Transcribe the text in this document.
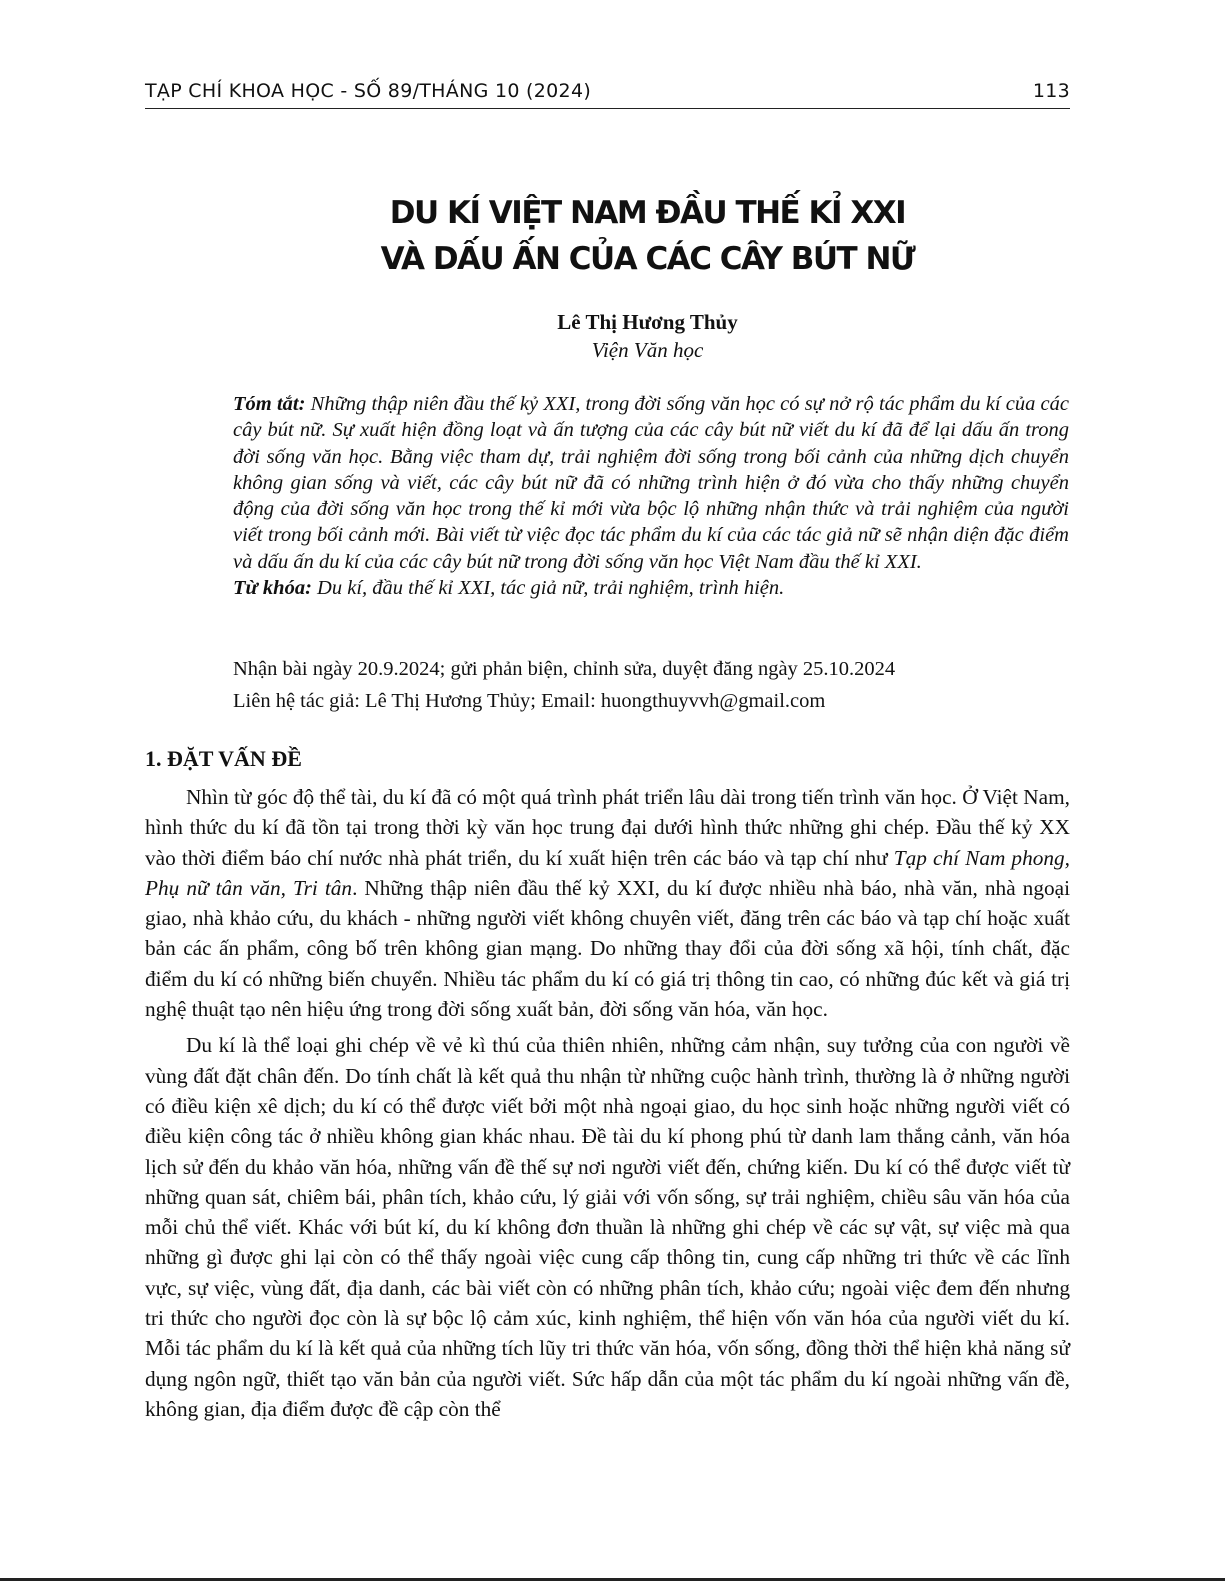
TẠP CHÍ KHOA HỌC - SỐ 89/THÁNG 10 (2024)	113
DU KÍ VIỆT NAM ĐẦU THẾ KỈ XXI
VÀ DẤU ẤN CỦA CÁC CÂY BÚT NỮ
Lê Thị Hương Thủy
Viện Văn học

Tóm tắt: Những thập niên đầu thế kỷ XXI, trong đời sống văn học có sự nở rộ tác phẩm du kí của các cây bút nữ. Sự xuất hiện đồng loạt và ấn tượng của các cây bút nữ viết du kí đã để lại dấu ấn trong đời sống văn học. Bằng việc tham dự, trải nghiệm đời sống trong bối cảnh của những dịch chuyển không gian sống và viết, các cây bút nữ đã có những trình hiện ở đó vừa cho thấy những chuyển động của đời sống văn học trong thế kỉ mới vừa bộc lộ những nhận thức và trải nghiệm của người viết trong bối cảnh mới. Bài viết từ việc đọc tác phẩm du kí của các tác giả nữ sẽ nhận diện đặc điểm và dấu ấn du kí của các cây bút nữ trong đời sống văn học Việt Nam đầu thế kỉ XXI.

Từ khóa: Du kí, đầu thế kỉ XXI, tác giả nữ, trải nghiệm, trình hiện.

Nhận bài ngày 20.9.2024; gửi phản biện, chỉnh sửa, duyệt đăng ngày 25.10.2024

Liên hệ tác giả: Lê Thị Hương Thủy; Email: huongthuyvvh@gmail.com

1. ĐẶT VẤN ĐỀ

Nhìn từ góc độ thể tài, du kí đã có một quá trình phát triển lâu dài trong tiến trình văn học. Ở Việt Nam, hình thức du kí đã tồn tại trong thời kỳ văn học trung đại dưới hình thức những ghi chép. Đầu thế kỷ XX vào thời điểm báo chí nước nhà phát triển, du kí xuất hiện trên các báo và tạp chí như Tạp chí Nam phong, Phụ nữ tân văn, Tri tân. Những thập niên đầu thế kỷ XXI, du kí được nhiều nhà báo, nhà văn, nhà ngoại giao, nhà khảo cứu, du khách - những người viết không chuyên viết, đăng trên các báo và tạp chí hoặc xuất bản các ấn phẩm, công bố trên không gian mạng. Do những thay đổi của đời sống xã hội, tính chất, đặc điểm du kí có những biến chuyển. Nhiều tác phẩm du kí có giá trị thông tin cao, có những đúc kết và giá trị nghệ thuật tạo nên hiệu ứng trong đời sống xuất bản, đời sống văn hóa, văn học.

Du kí là thể loại ghi chép về vẻ kì thú của thiên nhiên, những cảm nhận, suy tưởng của con người về vùng đất đặt chân đến. Do tính chất là kết quả thu nhận từ những cuộc hành trình, thường là ở những người có điều kiện xê dịch; du kí có thể được viết bởi một nhà ngoại giao, du học sinh hoặc những người viết có điều kiện công tác ở nhiều không gian khác nhau. Đề tài du kí phong phú từ danh lam thắng cảnh, văn hóa lịch sử đến du khảo văn hóa, những vấn đề thế sự nơi người viết đến, chứng kiến. Du kí có thể được viết từ những quan sát, chiêm bái, phân tích, khảo cứu, lý giải với vốn sống, sự trải nghiệm, chiều sâu văn hóa của mỗi chủ thể viết. Khác với bút kí, du kí không đơn thuần là những ghi chép về các sự vật, sự việc mà qua những gì được ghi lại còn có thể thấy ngoài việc cung cấp thông tin, cung cấp những tri thức về các lĩnh vực, sự việc, vùng đất, địa danh, các bài viết còn có những phân tích, khảo cứu; ngoài việc đem đến nhưng tri thức cho người đọc còn là sự bộc lộ cảm xúc, kinh nghiệm, thể hiện vốn văn hóa của người viết du kí. Mỗi tác phẩm du kí là kết quả của những tích lũy tri thức văn hóa, vốn sống, đồng thời thể hiện khả năng sử dụng ngôn ngữ, thiết tạo văn bản của người viết. Sức hấp dẫn của một tác phẩm du kí ngoài những vấn đề, không gian, địa điểm được đề cập còn thể
